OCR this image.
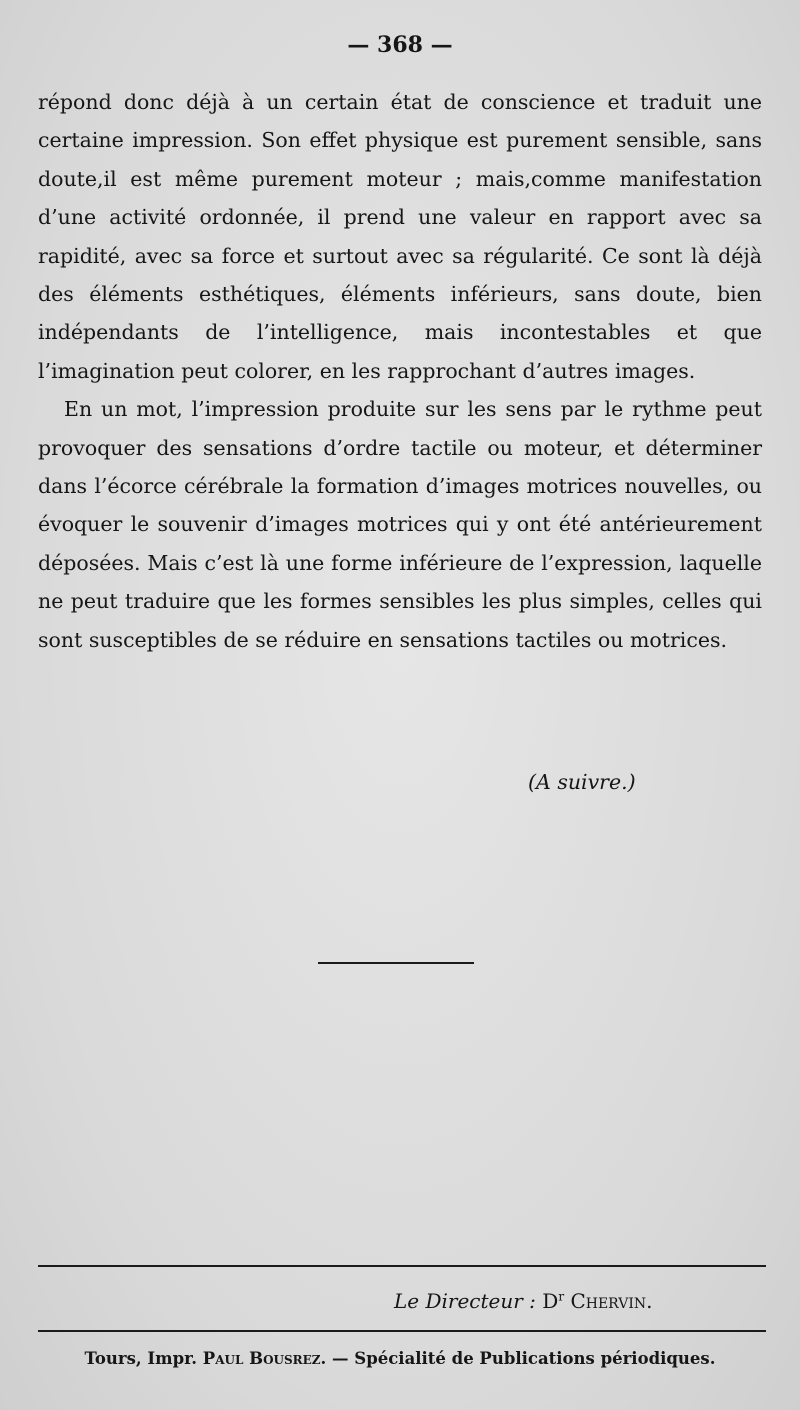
— 368 —

répond donc déjà à un certain état de conscience et traduit une certaine impression. Son effet physique est purement sensible, sans doute,il est même purement moteur ; mais,comme manifestation d’une activité ordonnée, il prend une valeur en rapport avec sa rapidité, avec sa force et surtout avec sa régularité. Ce sont là déjà des éléments esthétiques, éléments inférieurs, sans doute, bien indépendants de l’intelligence, mais incontestables et que l’imagination peut colorer, en les rapprochant d’autres images.

En un mot, l’impression produite sur les sens par le rythme peut provoquer des sensations d’ordre tactile ou moteur, et déterminer dans l’écorce cérébrale la formation d’images motrices nouvelles, ou évoquer le souvenir d’images motrices qui y ont été antérieurement déposées. Mais c’est là une forme inférieure de l’expression, laquelle ne peut traduire que les formes sensibles les plus simples, celles qui sont susceptibles de se réduire en sensations tactiles ou motrices.

(A suivre.)
Le Directeur : $D^r$ Chervin.
Tours, Impr. Paul Bousrez. — Spécialité de Publications périodiques.
